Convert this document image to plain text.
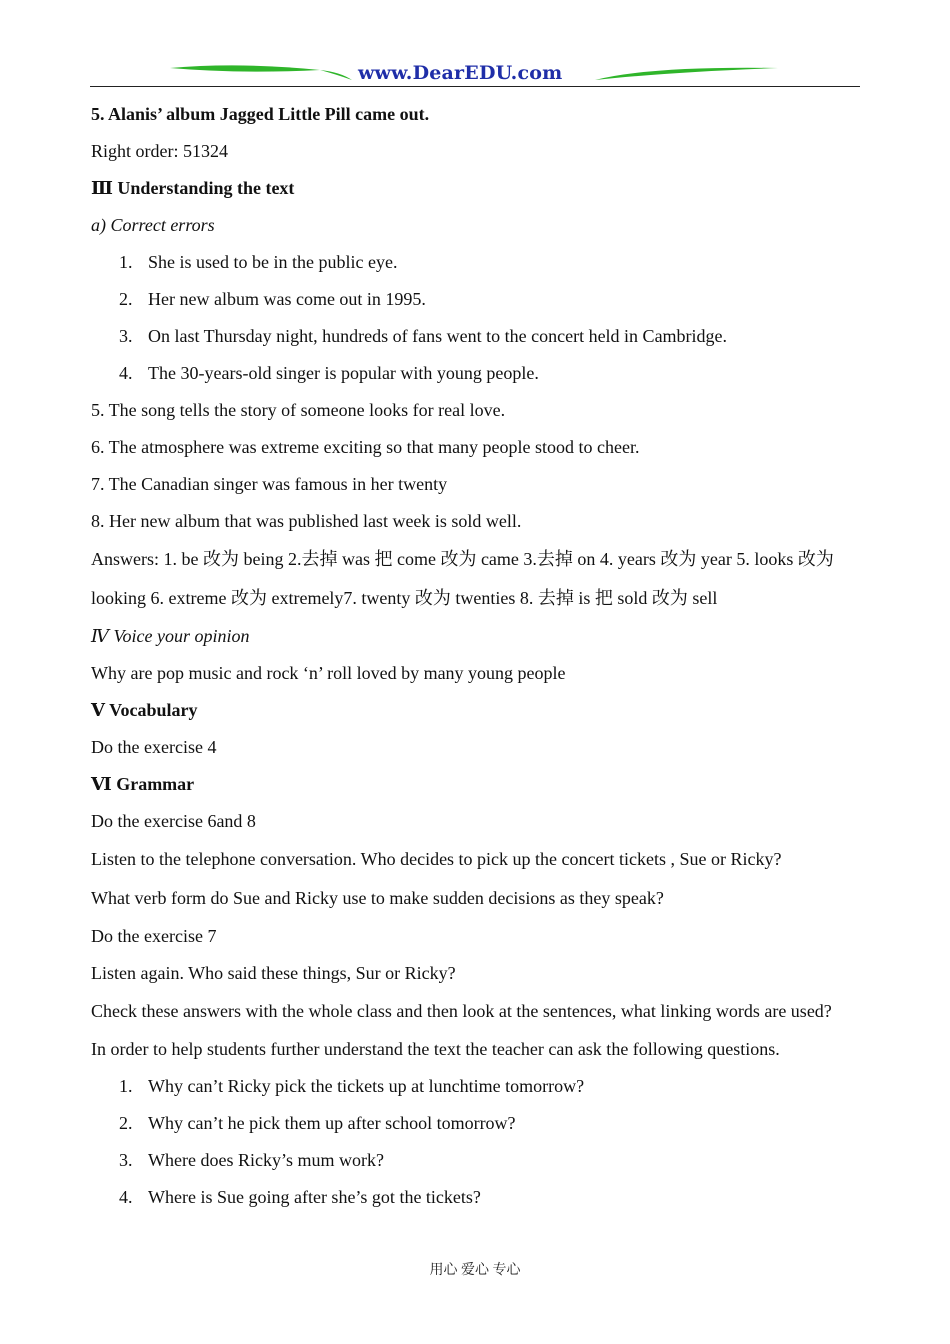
www.DearEDU.com
5. Alanis’ album Jagged Little Pill came out.
Right order: 51324
Ⅲ Understanding the text
a) Correct errors
1. She is used to be in the public eye.
2. Her new album was come out in 1995.
3. On last Thursday night, hundreds of fans went to the concert held in Cambridge.
4. The 30-years-old singer is popular with young people.
5. The song tells the story of someone looks for real love.
6. The atmosphere was extreme exciting so that many people stood to cheer.
7. The Canadian singer was famous in her twenty
8. Her new album that was published last week is sold well.
Answers: 1. be 改为 being 2.去掉 was 把 come 改为 came 3.去掉 on 4. years 改为 year 5. looks 改为 looking 6. extreme 改为 extremely7. twenty 改为 twenties 8. 去掉 is 把 sold 改为 sell
Ⅳ Voice your opinion
Why are pop music and rock ‘n’ roll loved by many young people
Ⅴ Vocabulary
Do the exercise 4
Ⅵ Grammar
Do the exercise 6and 8
Listen to the telephone conversation. Who decides to pick up the concert tickets , Sue or Ricky?
What verb form do Sue and Ricky use to make sudden decisions as they speak?
Do the exercise 7
Listen again. Who said these things, Sur or Ricky?
Check these answers with the whole class and then look at the sentences, what linking words are used?
In order to help students further understand the text the teacher can ask the following questions.
1. Why can’t Ricky pick the tickets up at lunchtime tomorrow?
2. Why can’t he pick them up after school tomorrow?
3. Where does Ricky’s mum work?
4. Where is Sue going after she’s got the tickets?
用心 爱心 专心
